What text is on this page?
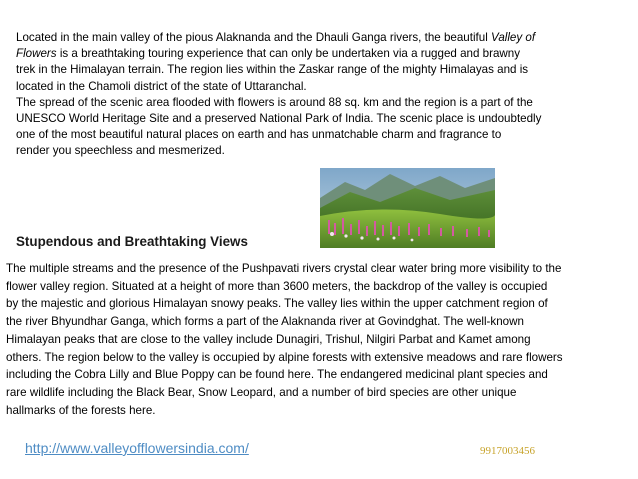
Located in the main valley of the pious Alaknanda and the Dhauli Ganga rivers, the beautiful Valley of
Flowers is a breathtaking touring experience that can only be undertaken via a rugged and brawny
trek in the Himalayan terrain. The region lies within the Zaskar range of the mighty Himalayas and is
located in the Chamoli district of the state of Uttaranchal.
The spread of the scenic area flooded with flowers is around 88 sq. km and the region is a part of the
UNESCO World Heritage Site and a preserved National Park of India. The scenic place is undoubtedly
one of the most beautiful natural places on earth and has unmatchable charm and fragrance to
render you speechless and mesmerized.

Stupendous and Breathtaking Views

The multiple streams and the presence of the Pushpavati rivers crystal clear water bring more visibility to the
flower valley region. Situated at a height of more than 3600 meters, the backdrop of the valley is occupied
by the majestic and glorious Himalayan snowy peaks. The valley lies within the upper catchment region of
the river Bhyundhar Ganga, which forms a part of the Alaknanda river at Govindghat. The well-known
Himalayan peaks that are close to the valley include Dunagiri, Trishul, Nilgiri Parbat and Kamet among
others. The region below to the valley is occupied by alpine forests with extensive meadows and rare flowers
including the Cobra Lilly and Blue Poppy can be found here. The endangered medicinal plant species and
rare wildlife including the Black Bear, Snow Leopard, and a number of bird species are other unique
hallmarks of the forests here.

http://www.valleyofflowersindia.com/	9917003456
